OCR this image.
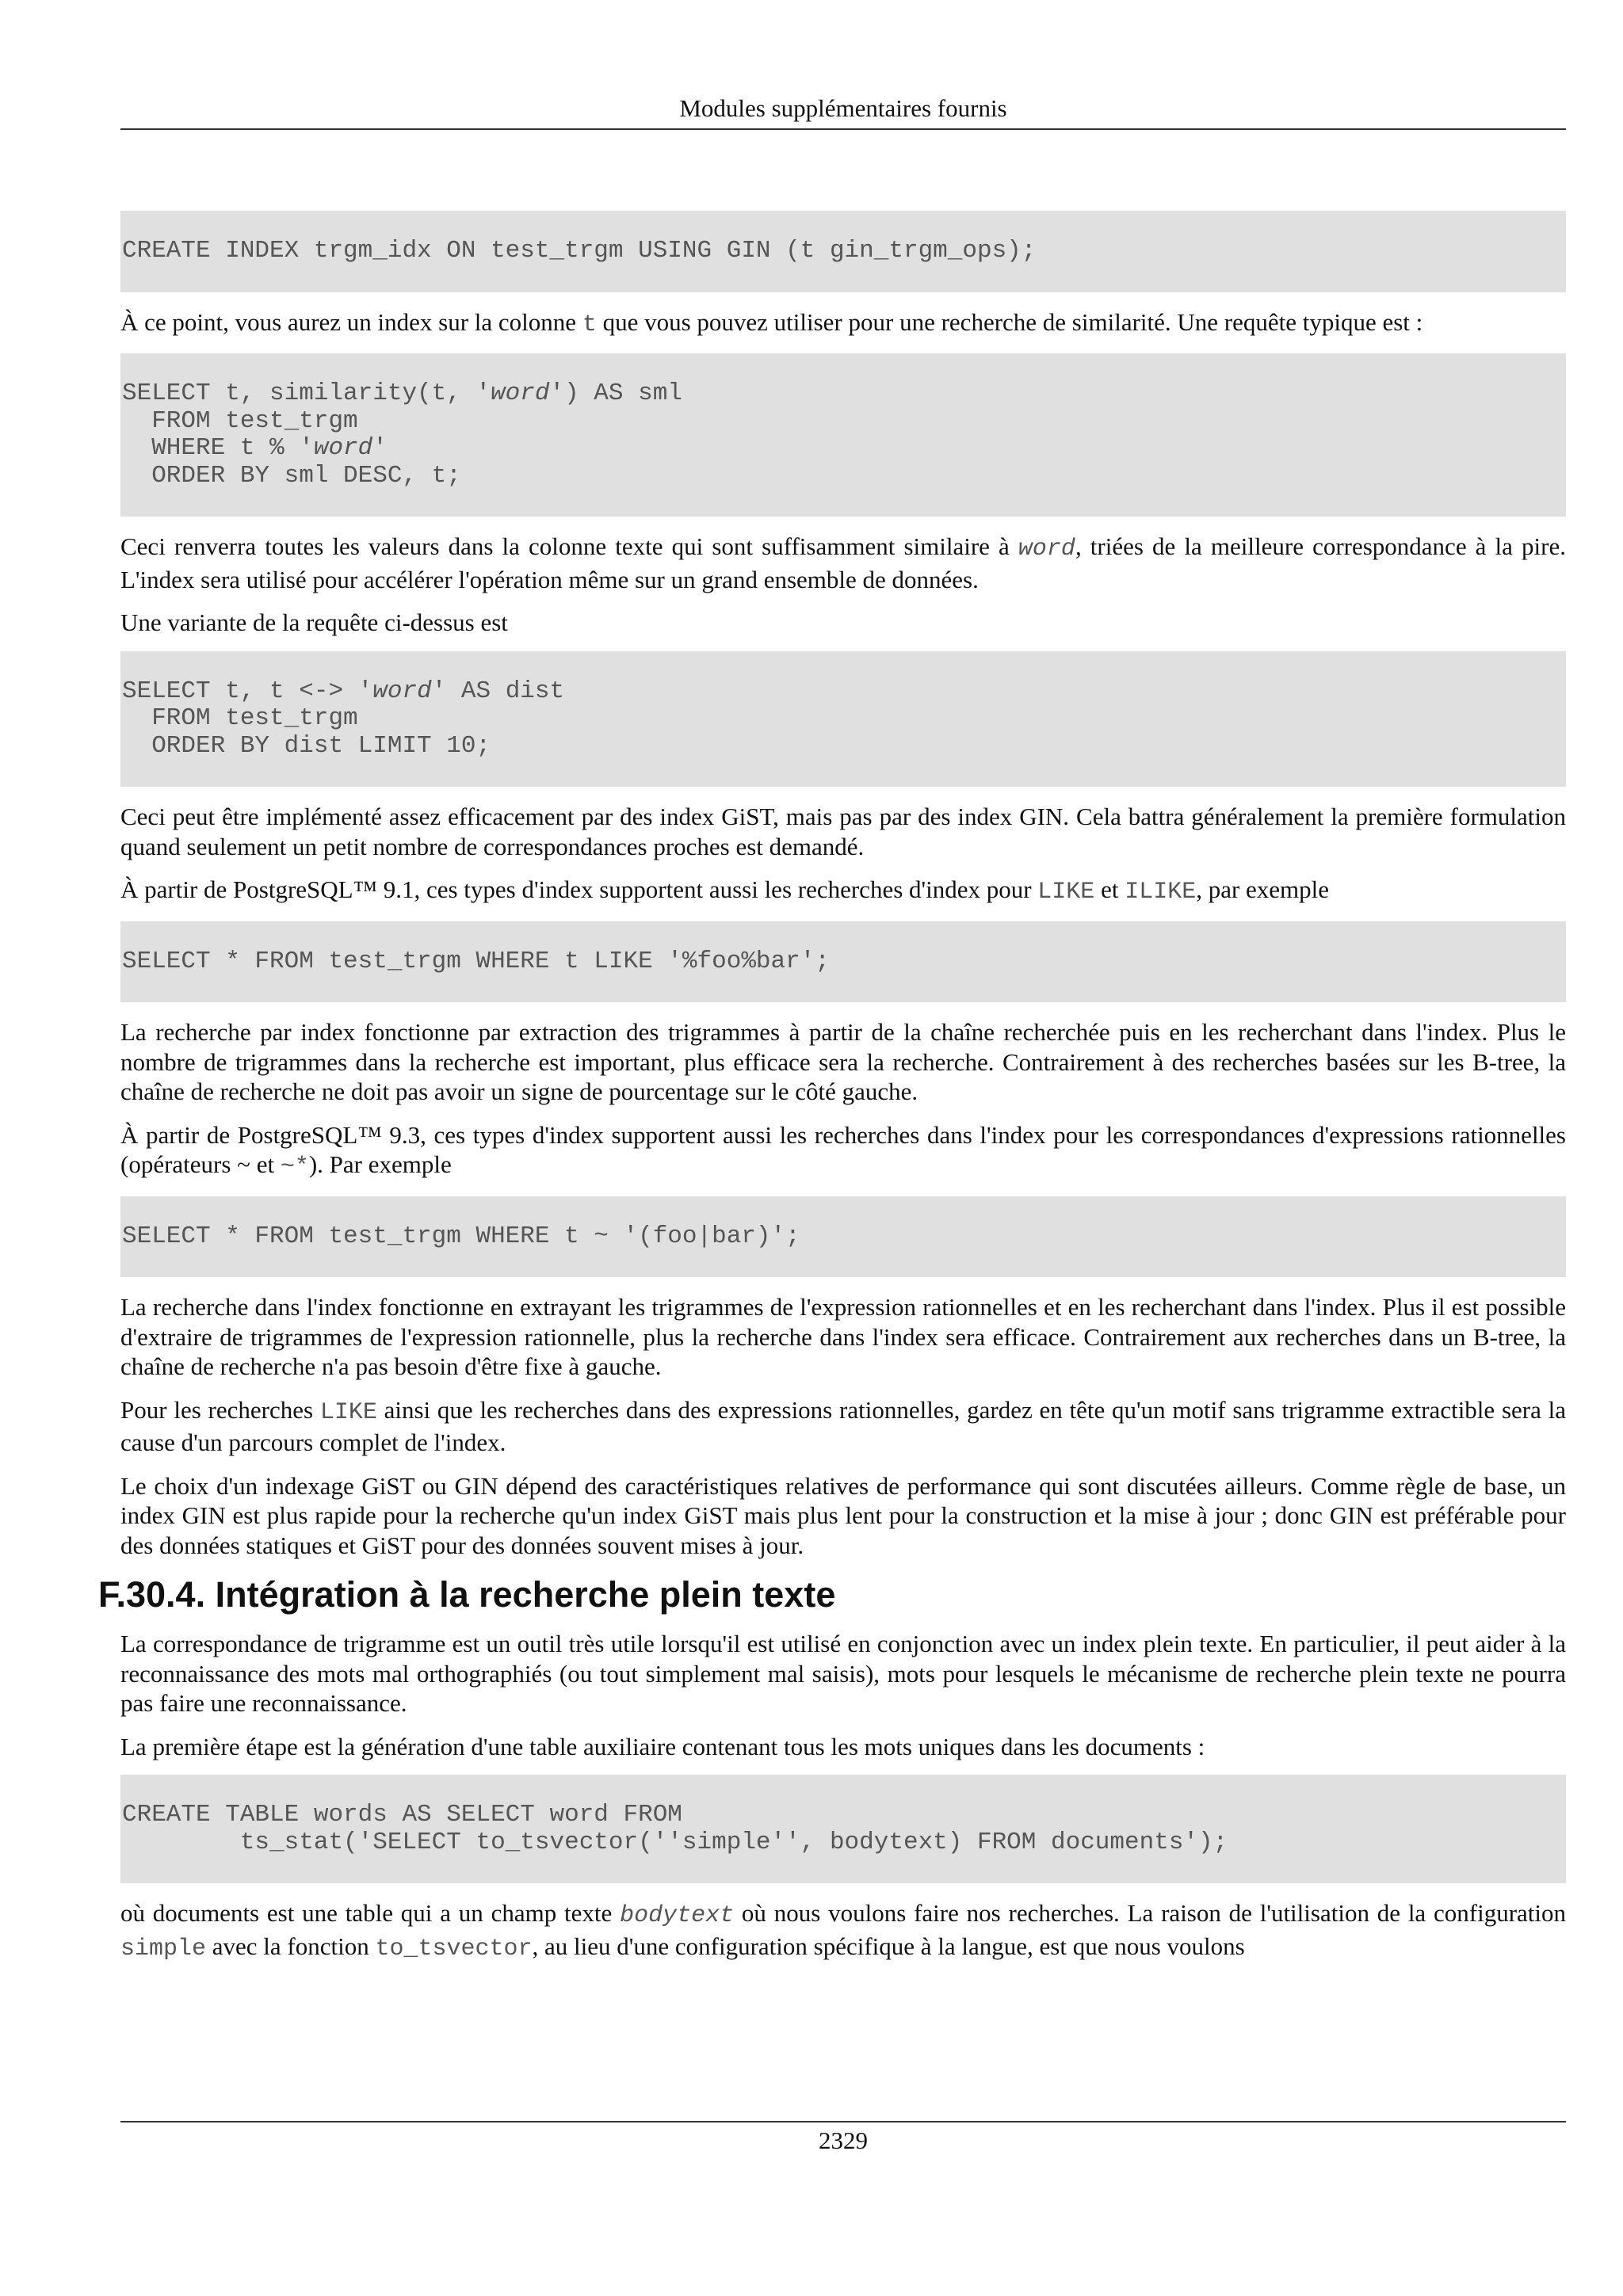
Modules supplémentaires fournis
CREATE INDEX trgm_idx ON test_trgm USING GIN (t gin_trgm_ops);

À ce point, vous aurez un index sur la colonne t que vous pouvez utiliser pour une recherche de similarité. Une requête typique est :

SELECT t, similarity(t, 'word') AS sml
FROM test_trgm
WHERE t % 'word'
ORDER BY sml DESC, t;

Ceci renverra toutes les valeurs dans la colonne texte qui sont suffisamment similaire à word, triées de la meilleure correspondance à la pire. L'index sera utilisé pour accélérer l'opération même sur un grand ensemble de données.

Une variante de la requête ci-dessus est

SELECT t, t <-> 'word' AS dist
FROM test_trgm
ORDER BY dist LIMIT 10;

Ceci peut être implémenté assez efficacement par des index GiST, mais pas par des index GIN. Cela battra généralement la première formulation quand seulement un petit nombre de correspondances proches est demandé.

À partir de PostgreSQL™ 9.1, ces types d'index supportent aussi les recherches d'index pour LIKE et ILIKE, par exemple

SELECT * FROM test_trgm WHERE t LIKE '%foo%bar';

La recherche par index fonctionne par extraction des trigrammes à partir de la chaîne recherchée puis en les recherchant dans l'index. Plus le nombre de trigrammes dans la recherche est important, plus efficace sera la recherche. Contrairement à des recherches basées sur les B-tree, la chaîne de recherche ne doit pas avoir un signe de pourcentage sur le côté gauche.

À partir de PostgreSQL™ 9.3, ces types d'index supportent aussi les recherches dans l'index pour les correspondances d'expressions rationnelles (opérateurs ~ et ~*). Par exemple

SELECT * FROM test_trgm WHERE t ~ '(foo|bar)';

La recherche dans l'index fonctionne en extrayant les trigrammes de l'expression rationnelles et en les recherchant dans l'index. Plus il est possible d'extraire de trigrammes de l'expression rationnelle, plus la recherche dans l'index sera efficace. Contrairement aux recherches dans un B-tree, la chaîne de recherche n'a pas besoin d'être fixe à gauche.

Pour les recherches LIKE ainsi que les recherches dans des expressions rationnelles, gardez en tête qu'un motif sans trigramme extractible sera la cause d'un parcours complet de l'index.

Le choix d'un indexage GiST ou GIN dépend des caractéristiques relatives de performance qui sont discutées ailleurs. Comme règle de base, un index GIN est plus rapide pour la recherche qu'un index GiST mais plus lent pour la construction et la mise à jour ; donc GIN est préférable pour des données statiques et GiST pour des données souvent mises à jour.

F.30.4. Intégration à la recherche plein texte

La correspondance de trigramme est un outil très utile lorsqu'il est utilisé en conjonction avec un index plein texte. En particulier, il peut aider à la reconnaissance des mots mal orthographiés (ou tout simplement mal saisis), mots pour lesquels le mécanisme de recherche plein texte ne pourra pas faire une reconnaissance.

La première étape est la génération d'une table auxiliaire contenant tous les mots uniques dans les documents :

CREATE TABLE words AS SELECT word FROM
ts_stat('SELECT to_tsvector(''simple'', bodytext) FROM documents');

où documents est une table qui a un champ texte bodytext où nous voulons faire nos recherches. La raison de l'utilisation de la configuration simple avec la fonction to_tsvector, au lieu d'une configuration spécifique à la langue, est que nous voulons

2329
